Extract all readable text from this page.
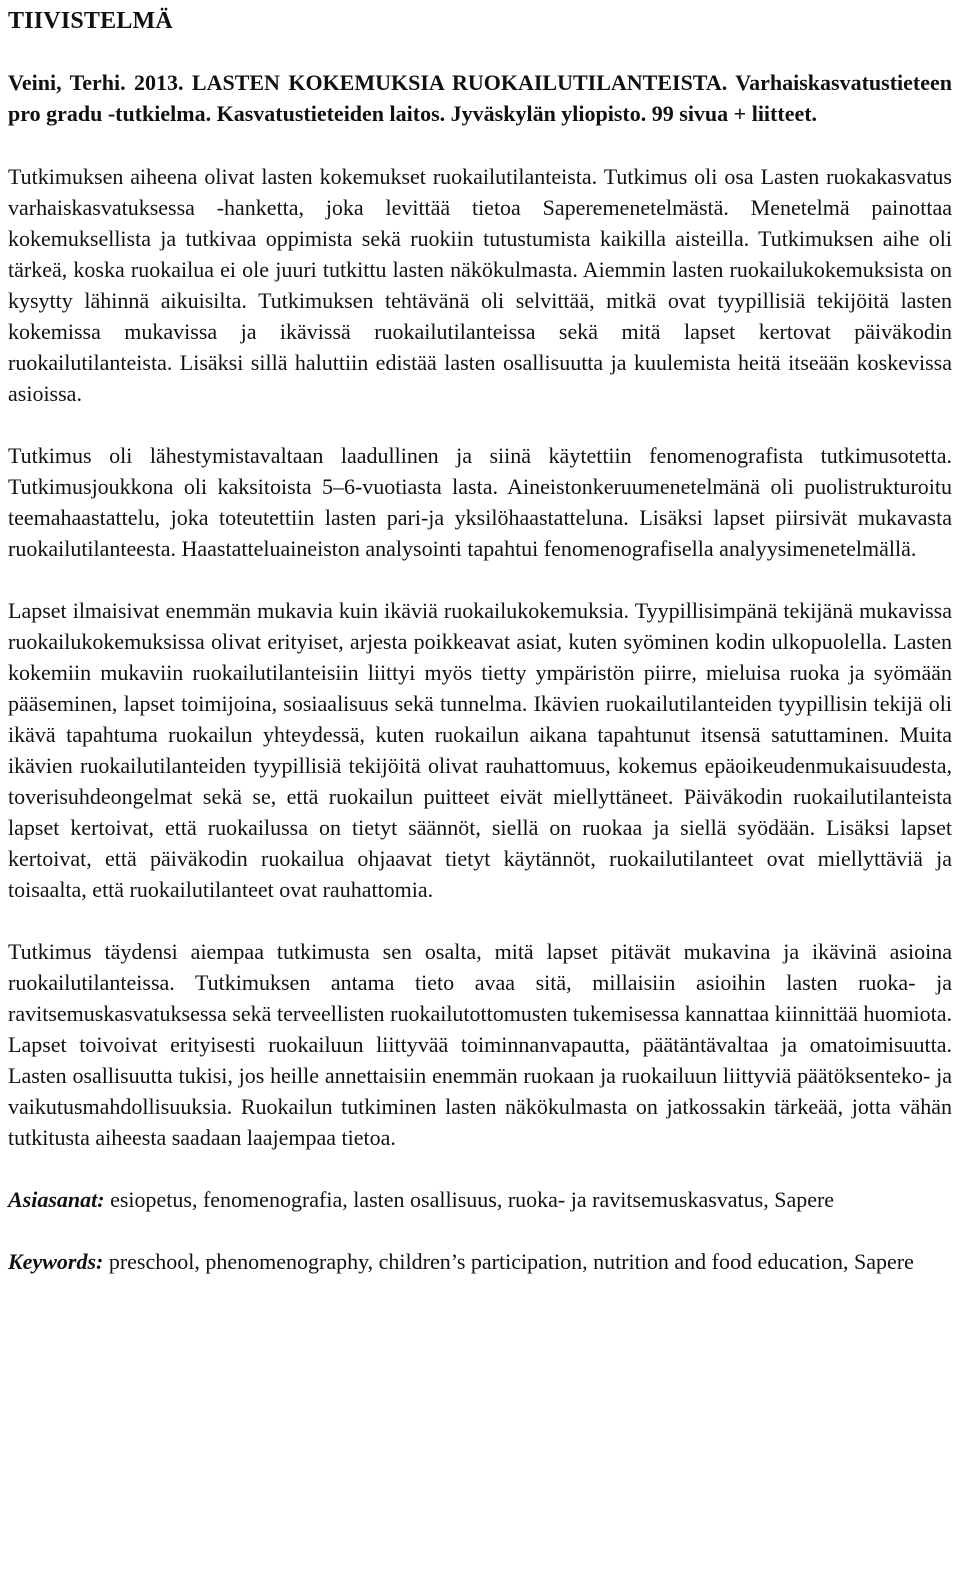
TIIVISTELMÄ
Veini, Terhi. 2013. LASTEN KOKEMUKSIA RUOKAILUTILANTEISTA. Varhaiskasvatustieteen pro gradu -tutkielma. Kasvatustieteiden laitos. Jyväskylän yliopisto. 99 sivua + liitteet.

Tutkimuksen aiheena olivat lasten kokemukset ruokailutilanteista. Tutkimus oli osa Lasten ruokakasvatus varhaiskasvatuksessa -hanketta, joka levittää tietoa Saperemenetelmästä. Menetelmä painottaa kokemuksellista ja tutkivaa oppimista sekä ruokiin tutustumista kaikilla aisteilla. Tutkimuksen aihe oli tärkeä, koska ruokailua ei ole juuri tutkittu lasten näkökulmasta. Aiemmin lasten ruokailukokemuksista on kysytty lähinnä aikuisilta. Tutkimuksen tehtävänä oli selvittää, mitkä ovat tyypillisiä tekijöitä lasten kokemissa mukavissa ja ikävissä ruokailutilanteissa sekä mitä lapset kertovat päiväkodin ruokailutilanteista. Lisäksi sillä haluttiin edistää lasten osallisuutta ja kuulemista heitä itseään koskevissa asioissa.

Tutkimus oli lähestymistavaltaan laadullinen ja siinä käytettiin fenomenografista tutkimusotetta. Tutkimusjoukkona oli kaksitoista 5–6-vuotiasta lasta. Aineistonkeruumenetelmänä oli puolistrukturoitu teemahaastattelu, joka toteutettiin lasten pari-ja yksilöhaastatteluna. Lisäksi lapset piirsivät mukavasta ruokailutilanteesta. Haastatteluaineiston analysointi tapahtui fenomenografisella analyysimenetelmällä.

Lapset ilmaisivat enemmän mukavia kuin ikäviä ruokailukokemuksia. Tyypillisimpänä tekijänä mukavissa ruokailukokemuksissa olivat erityiset, arjesta poikkeavat asiat, kuten syöminen kodin ulkopuolella. Lasten kokemiin mukaviin ruokailutilanteisiin liittyi myös tietty ympäristön piirre, mieluisa ruoka ja syömään pääseminen, lapset toimijoina, sosiaalisuus sekä tunnelma. Ikävien ruokailutilanteiden tyypillisin tekijä oli ikävä tapahtuma ruokailun yhteydessä, kuten ruokailun aikana tapahtunut itsensä satuttaminen. Muita ikävien ruokailutilanteiden tyypillisiä tekijöitä olivat rauhattomuus, kokemus epäoikeudenmukaisuudesta, toverisuhdeongelmat sekä se, että ruokailun puitteet eivät miellyttäneet. Päiväkodin ruokailutilanteista lapset kertoivat, että ruokailussa on tietyt säännöt, siellä on ruokaa ja siellä syödään. Lisäksi lapset kertoivat, että päiväkodin ruokailua ohjaavat tietyt käytännöt, ruokailutilanteet ovat miellyttäviä ja toisaalta, että ruokailutilanteet ovat rauhattomia.

Tutkimus täydensi aiempaa tutkimusta sen osalta, mitä lapset pitävät mukavina ja ikävinä asioina ruokailutilanteissa. Tutkimuksen antama tieto avaa sitä, millaisiin asioihin lasten ruoka- ja ravitsemuskasvatuksessa sekä terveellisten ruokailutottomusten tukemisessa kannattaa kiinnittää huomiota. Lapset toivoivat erityisesti ruokailuun liittyvää toiminnanvapautta, päätäntävaltaa ja omatoimisuutta. Lasten osallisuutta tukisi, jos heille annettaisiin enemmän ruokaan ja ruokailuun liittyviä päätöksenteko- ja vaikutusmahdollisuuksia. Ruokailun tutkiminen lasten näkökulmasta on jatkossakin tärkeää, jotta vähän tutkitusta aiheesta saadaan laajempaa tietoa.

Asiasanat: esiopetus, fenomenografia, lasten osallisuus, ruoka- ja ravitsemuskasvatus, Sapere
Keywords: preschool, phenomenography, children’s participation, nutrition and food education, Sapere
